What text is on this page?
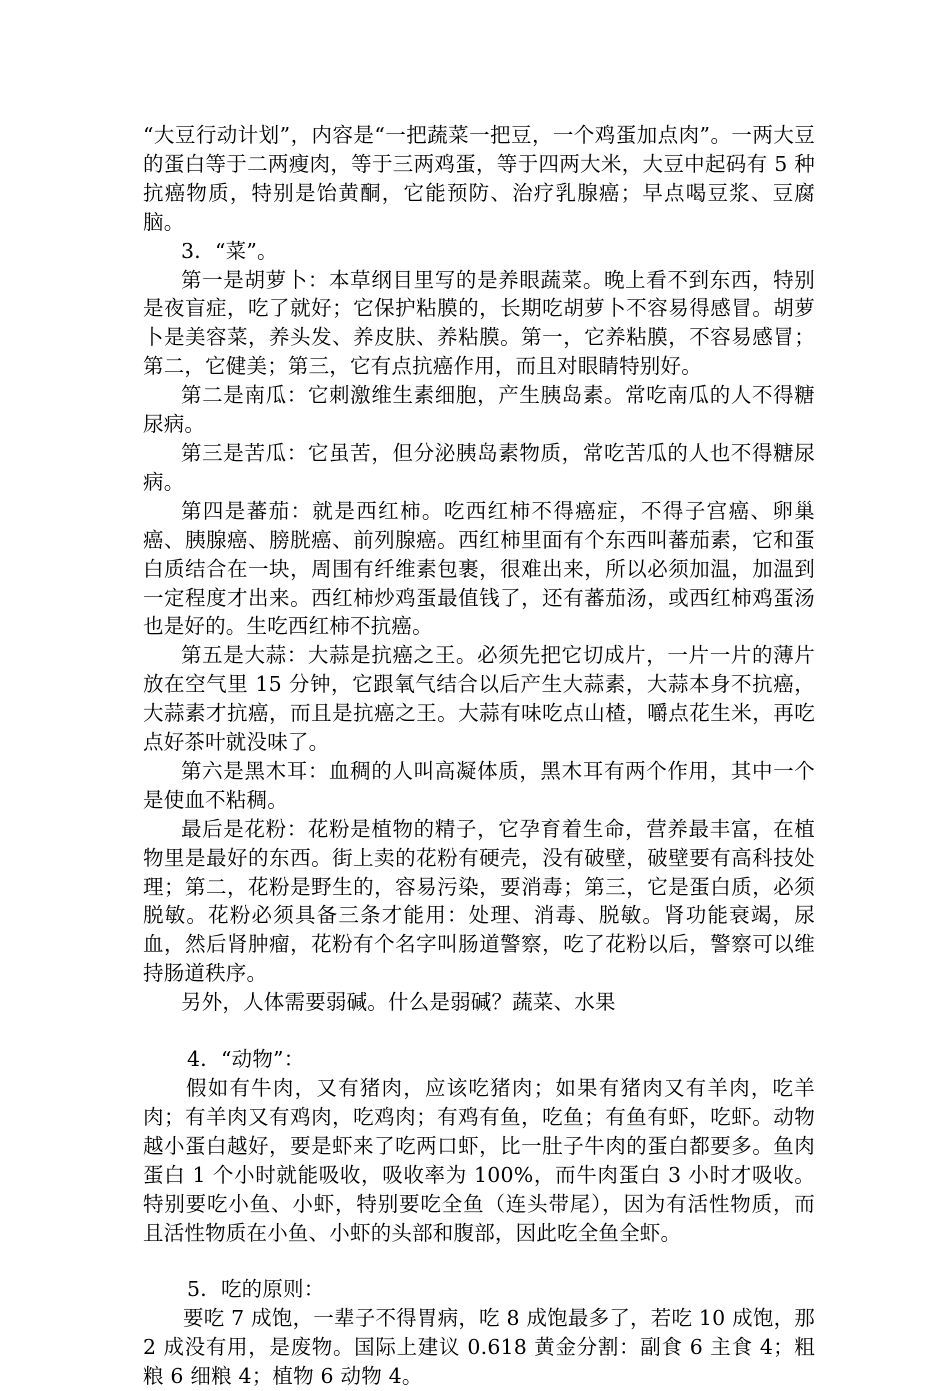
“大豆行动计划”，内容是“一把蔬菜一把豆，一个鸡蛋加点肉”。一两大豆的蛋白等于二两瘦肉，等于三两鸡蛋，等于四两大米，大豆中起码有 5 种抗癌物质，特别是饴黄酮，它能预防、治疗乳腺癌；早点喝豆浆、豆腐脑。

3．“菜”。

第一是胡萝卜：本草纲目里写的是养眼蔬菜。晚上看不到东西，特别是夜盲症，吃了就好；它保护粘膜的，长期吃胡萝卜不容易得感冒。胡萝卜是美容菜，养头发、养皮肤、养粘膜。第一，它养粘膜，不容易感冒；第二，它健美；第三，它有点抗癌作用，而且对眼睛特别好。

第二是南瓜：它刺激维生素细胞，产生胰岛素。常吃南瓜的人不得糖尿病。

第三是苦瓜：它虽苦，但分泌胰岛素物质，常吃苦瓜的人也不得糖尿病。

第四是蕃茄：就是西红柿。吃西红柿不得癌症，不得子宫癌、卵巢癌、胰腺癌、膀胱癌、前列腺癌。西红柿里面有个东西叫蕃茄素，它和蛋白质结合在一块，周围有纤维素包裹，很难出来，所以必须加温，加温到一定程度才出来。西红柿炒鸡蛋最值钱了，还有蕃茄汤，或西红柿鸡蛋汤也是好的。生吃西红柿不抗癌。

第五是大蒜：大蒜是抗癌之王。必须先把它切成片，一片一片的薄片放在空气里 15 分钟，它跟氧气结合以后产生大蒜素，大蒜本身不抗癌，大蒜素才抗癌，而且是抗癌之王。大蒜有味吃点山楂，嚼点花生米，再吃点好茶叶就没味了。

第六是黑木耳：血稠的人叫高凝体质，黑木耳有两个作用，其中一个是使血不粘稠。

最后是花粉：花粉是植物的精子，它孕育着生命，营养最丰富，在植物里是最好的东西。街上卖的花粉有硬壳，没有破壁，破壁要有高科技处理；第二，花粉是野生的，容易污染，要消毒；第三，它是蛋白质，必须脱敏。花粉必须具备三条才能用：处理、消毒、脱敏。肾功能衰竭，尿血，然后肾肿瘤，花粉有个名字叫肠道警察，吃了花粉以后，警察可以维持肠道秩序。

另外，人体需要弱碱。什么是弱碱？蔬菜、水果

4．“动物”：

假如有牛肉，又有猪肉，应该吃猪肉；如果有猪肉又有羊肉，吃羊肉；有羊肉又有鸡肉，吃鸡肉；有鸡有鱼，吃鱼；有鱼有虾，吃虾。动物越小蛋白越好，要是虾来了吃两口虾，比一肚子牛肉的蛋白都要多。鱼肉蛋白 1 个小时就能吸收，吸收率为 100%，而牛肉蛋白 3 小时才吸收。特别要吃小鱼、小虾，特别要吃全鱼（连头带尾），因为有活性物质，而且活性物质在小鱼、小虾的头部和腹部，因此吃全鱼全虾。

5．吃的原则：

要吃 7 成饱，一辈子不得胃病，吃 8 成饱最多了，若吃 10 成饱，那 2 成没有用，是废物。国际上建议 0.618 黄金分割：副食 6 主食 4；粗粮 6 细粮 4；植物 6 动物 4。
